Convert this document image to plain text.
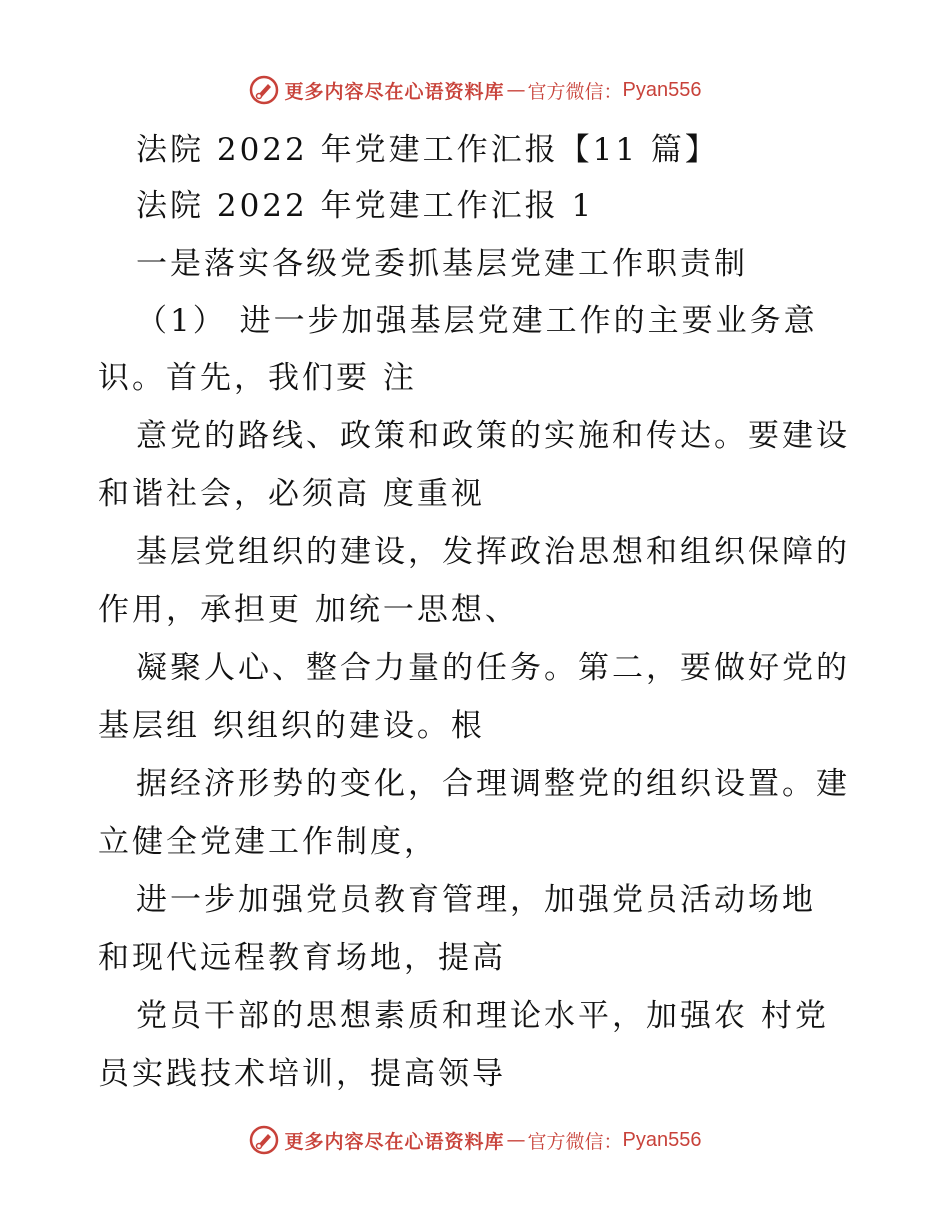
更多内容尽在心语资料库 — 官方微信： Pyan556
法院 2022 年党建工作汇报【11 篇】
法院 2022 年党建工作汇报 1
一是落实各级党委抓基层党建工作职责制
（1） 进一步加强基层党建工作的主要业务意
识。首先，我们要 注
意党的路线、政策和政策的实施和传达。要建设
和谐社会，必须高 度重视
基层党组织的建设，发挥政治思想和组织保障的
作用，承担更 加统一思想、
凝聚人心、整合力量的任务。第二，要做好党的
基层组 织组织的建设。根
据经济形势的变化，合理调整党的组织设置。建
立健全党建工作制度，
进一步加强党员教育管理，加强党员活动场地
和现代远程教育场地，提高
党员干部的思想素质和理论水平，加强农 村党
员实践技术培训，提高领导
更多内容尽在心语资料库 — 官方微信： Pyan556
